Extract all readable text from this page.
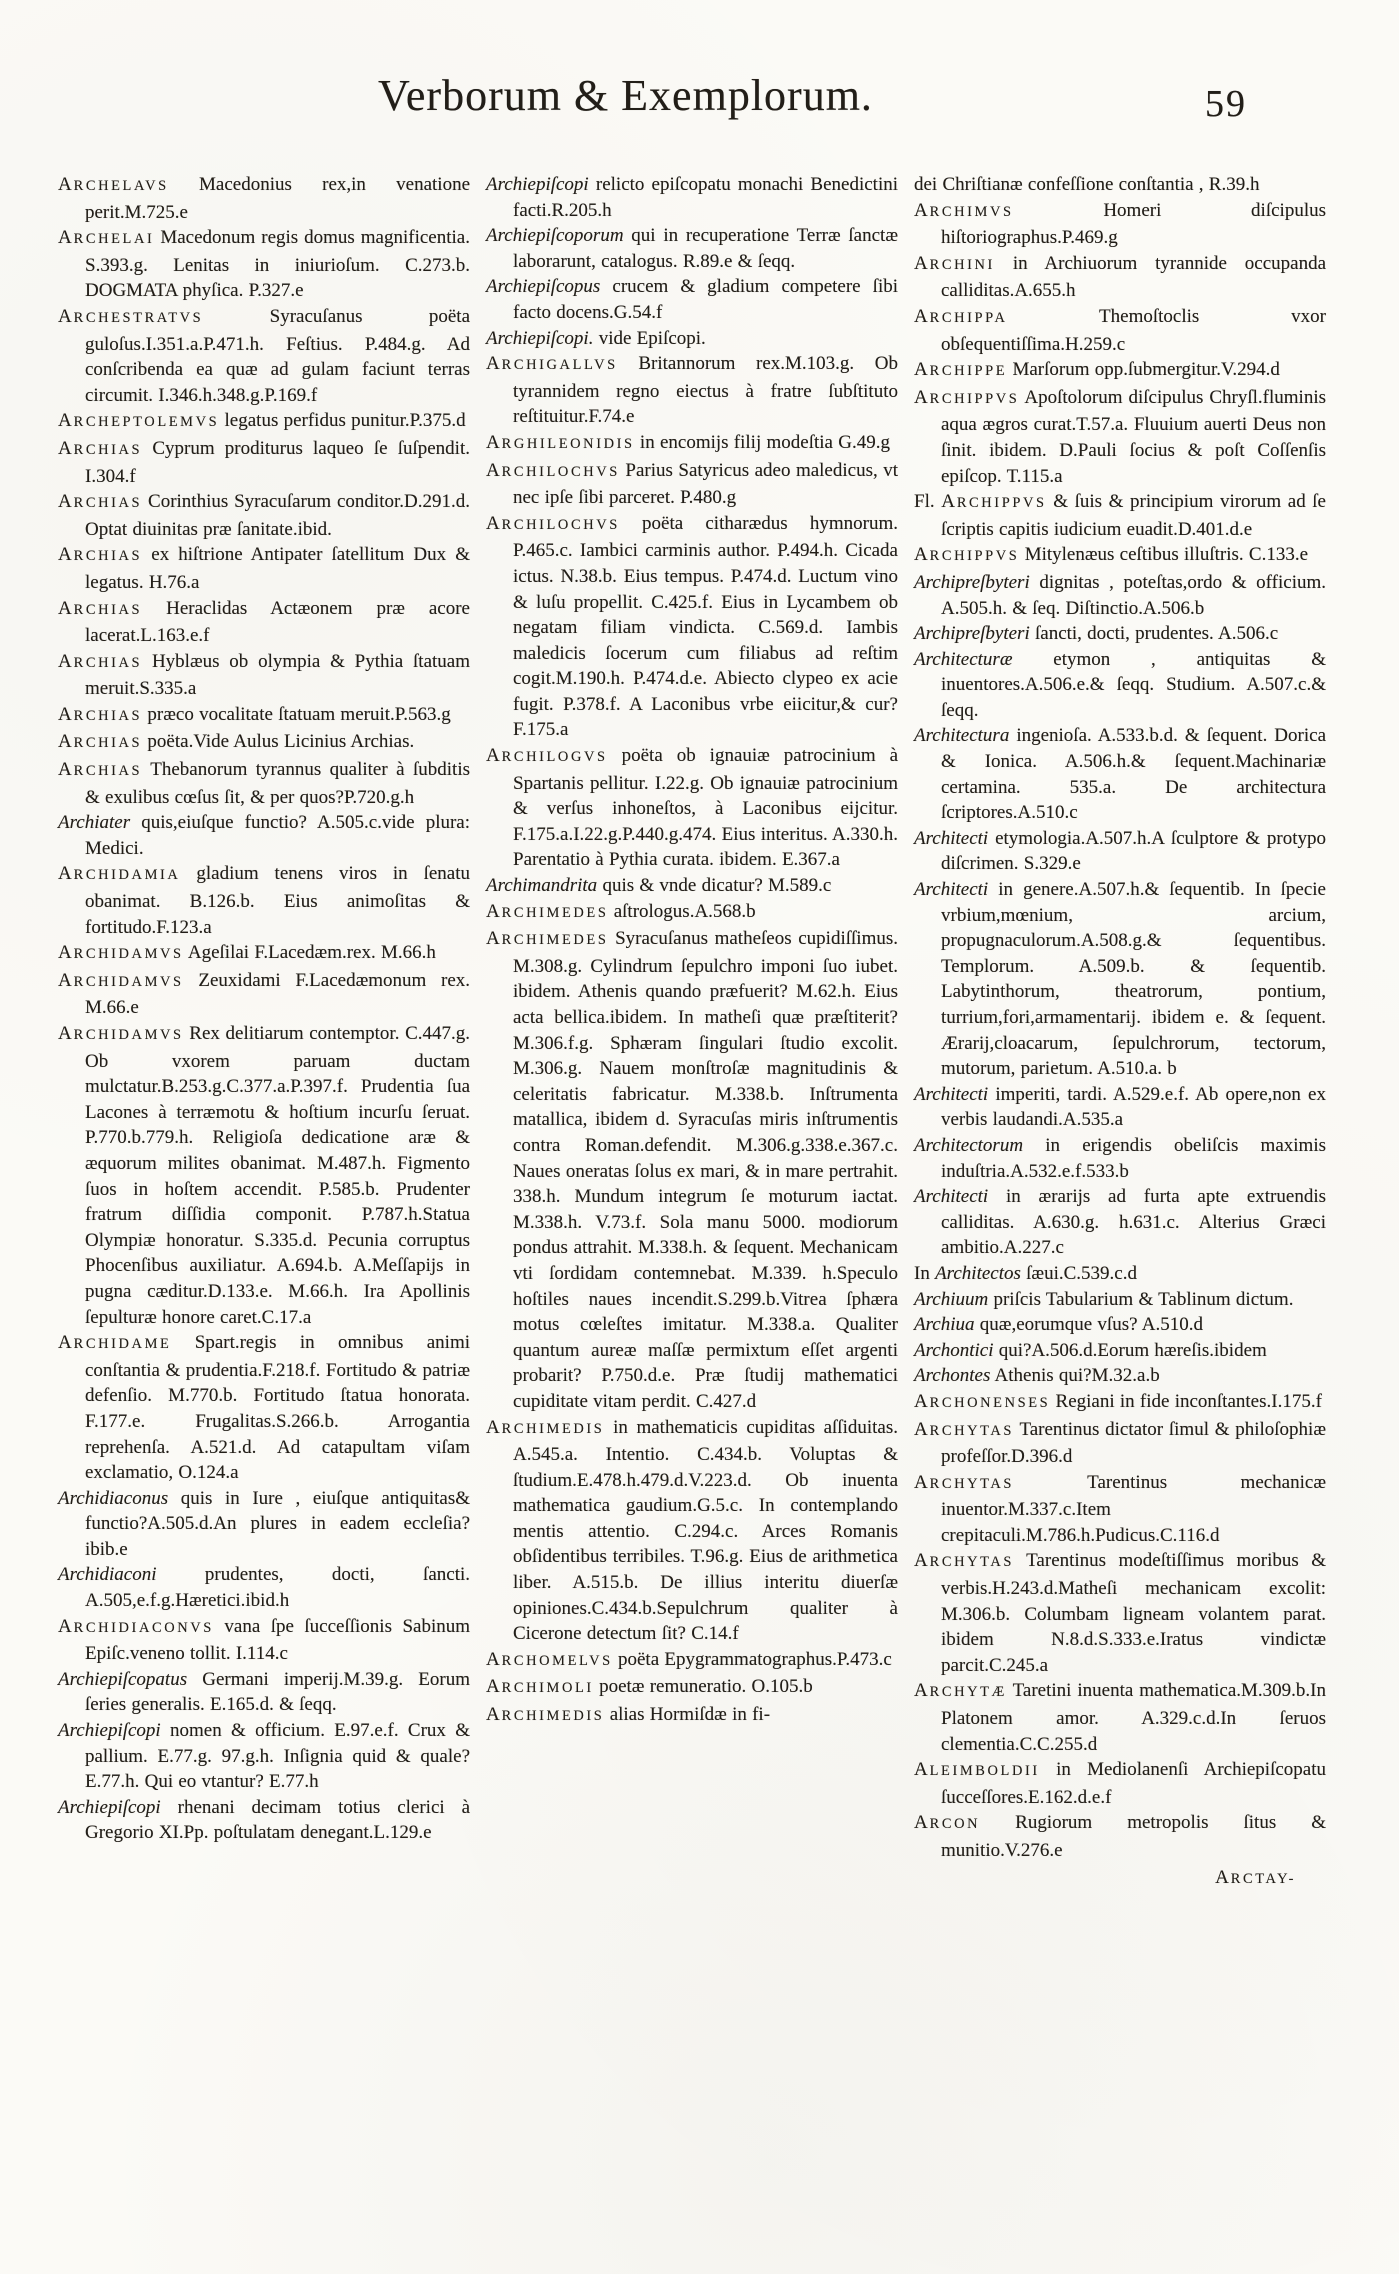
Verborum & Exemplorum.	59

ARCHELAVS Macedonius rex,in venatione perit.M.725.e

ARCHELAI Macedonum regis domus magnificentia. S.393.g. Lenitas in iniurioſum. C.273.b. DOGMATA phyſica. P.327.e

ARCHESTRATVS	Syracuſanus poëta guloſus.I.351.a.P.471.h. Feſtius. P.484.g. Ad conſcribenda ea quæ ad gulam faciunt terras circumit. I.346.h.348.g.P.169.f

ARCHEPTOLEMVS legatus perfidus punitur.P.375.d

ARCHIAS Cyprum proditurus laqueo ſe ſuſpendit. I.304.f

ARCHIAS Corinthius Syracuſarum conditor.D.291.d. Optat diuinitas præ ſanitate.ibid.

ARCHIAS ex hiſtrione Antipater ſatellitum Dux & legatus. H.76.a

ARCHIAS Heraclidas Actæonem præ acore lacerat.L.163.e.f

ARCHIAS Hyblæus ob olympia & Pythia ſtatuam meruit.S.335.a

ARCHIAS præco vocalitate ſtatuam meruit.P.563.g

ARCHIAS poëta.Vide Aulus Licinius Archias.

ARCHIAS Thebanorum tyrannus qualiter à ſubditis & exulibus cœſus ſit, & per quos?P.720.g.h

Archiater quis,eiuſque functio? A.505.c.vide plura: Medici.

ARCHIDAMIA gladium tenens viros in ſenatu obanimat. B.126.b. Eius animoſitas & fortitudo.F.123.a

ARCHIDAMVS Ageſilai F.Lacedæm.rex. M.66.h

ARCHIDAMVS Zeuxidami F.Lacedæmonum rex. M.66.e

ARCHIDAMVS Rex delitiarum contemptor. C.447.g. Ob vxorem paruam ductam mulctatur.B.253.g.C.377.a.P.397.f. Prudentia ſua Lacones à terræmotu & hoſtium incurſu ſeruat. P.770.b.779.h. Religioſa dedicatione aræ & æquorum milites obanimat. M.487.h. Figmento ſuos in hoſtem accendit. P.585.b. Prudenter fratrum diſſidia componit. P.787.h.Statua Olympiæ honoratur. S.335.d. Pecunia corruptus Phocenſibus auxiliatur. A.694.b. A.Meſſapijs in pugna cæditur.D.133.e. M.66.h. Ira Apollinis ſepulturæ honore caret.C.17.a

ARCHIDAME Spart.regis in omnibus animi conſtantia & prudentia.F.218.f. Fortitudo & patriæ defenſio. M.770.b. Fortitudo ſtatua honorata. F.177.e. Frugalitas.S.266.b. Arrogantia reprehenſa. A.521.d. Ad catapultam viſam exclamatio, O.124.a

Archidiaconus quis in Iure , eiuſque antiquitas& functio?A.505.d.An plures in eadem eccleſia?ibib.e

Archidiaconi	prudentes, docti, ſancti. A.505,e.f.g.Hæretici.ibid.h

ARCHIDIACONVS vana ſpe ſucceſſionis Sabinum Epiſc.veneno tollit. I.114.c

Archiepiſcopatus Germani imperij.M.39.g. Eorum ſeries generalis. E.165.d. & ſeqq.

Archiepiſcopi nomen & officium. E.97.e.f. Crux & pallium. E.77.g. 97.g.h. Inſignia quid & quale? E.77.h. Qui eo vtantur? E.77.h

Archiepiſcopi rhenani decimam totius clerici à Gregorio XI.Pp. poſtulatam denegant.L.129.e

Archiepiſcopi relicto epiſcopatu monachi Benedictini facti.R.205.h

Archiepiſcoporum qui in recuperatione Terræ ſanctæ laborarunt, catalogus. R.89.e & ſeqq.

Archiepiſcopus crucem & gladium competere ſibi facto docens.G.54.f

Archiepiſcopi. vide Epiſcopi.

ARCHIGALLVS Britannorum rex.M.103.g. Ob tyrannidem regno eiectus à fratre ſubſtituto reſtituitur.F.74.e

ARGHILEONIDIS in encomijs filij modeſtia G.49.g

ARCHILOCHVS Parius Satyricus adeo maledicus, vt nec ipſe ſibi parceret. P.480.g

ARCHILOCHVS poëta citharædus hymnorum. P.465.c. Iambici carminis author. P.494.h. Cicada ictus. N.38.b. Eius tempus. P.474.d. Luctum vino & luſu propellit. C.425.f. Eius in Lycambem ob negatam filiam vindicta. C.569.d. Iambis maledicis ſocerum cum filiabus ad reſtim cogit.M.190.h. P.474.d.e. Abiecto clypeo ex acie fugit. P.378.f. A Laconibus vrbe eiicitur,& cur? F.175.a

ARCHILOGVS poëta ob ignauiæ patrocinium à Spartanis pellitur. I.22.g. Ob ignauiæ patrocinium & verſus inhoneſtos, à Laconibus eijcitur. F.175.a.I.22.g.P.440.g.474. Eius interitus. A.330.h. Parentatio à Pythia curata. ibidem. E.367.a

Archimandrita quis & vnde dicatur? M.589.c

ARCHIMEDES aſtrologus.A.568.b

ARCHIMEDES Syracuſanus matheſeos cupidiſſimus. M.308.g. Cylindrum ſepulchro imponi ſuo iubet. ibidem. Athenis quando præfuerit? M.62.h. Eius acta bellica.ibidem. In matheſi quæ præſtiterit? M.306.f.g. Sphæram ſingulari ſtudio excolit. M.306.g. Nauem monſtroſæ magnitudinis & celeritatis fabricatur. M.338.b. Inſtrumenta matallica, ibidem d. Syracuſas miris inſtrumentis contra Roman.defendit. M.306.g.338.e.367.c. Naues oneratas ſolus ex mari, & in mare pertrahit. 338.h. Mundum integrum ſe moturum iactat. M.338.h. V.73.f. Sola manu 5000. modiorum pondus attrahit. M.338.h. & ſequent. Mechanicam vti ſordidam contemnebat. M.339. h.Speculo hoſtiles naues incendit.S.299.b.Vitrea ſphæra motus cœleſtes imitatur. M.338.a. Qualiter quantum aureæ maſſæ permixtum eſſet argenti probarit? P.750.d.e. Præ ſtudij mathematici cupiditate vitam perdit. C.427.d

ARCHIMEDIS in mathematicis cupiditas aſſiduitas. A.545.a. Intentio. C.434.b. Voluptas & ſtudium.E.478.h.479.d.V.223.d. Ob inuenta mathematica gaudium.G.5.c. In contemplando mentis attentio. C.294.c. Arces Romanis obſidentibus terribiles. T.96.g. Eius de arithmetica liber. A.515.b. De illius interitu diuerſæ opiniones.C.434.b.Sepulchrum qualiter à Cicerone detectum ſit? C.14.f

ARCHOMELVS poëta Epygrammatographus.P.473.c

ARCHIMOLI poetæ remuneratio. O.105.b

ARCHIMEDIS alias Hormiſdæ in fi-

dei Chriſtianæ confeſſione conſtantia , R.39.h

ARCHIMVS	Homeri diſcipulus hiſtoriographus.P.469.g

ARCHINI in Archiuorum tyrannide occupanda calliditas.A.655.h

ARCHIPPA	Themoſtoclis vxor obſequentiſſima.H.259.c

ARCHIPPE Marſorum opp.ſubmergitur.V.294.d

ARCHIPPVS Apoſtolorum diſcipulus Chryſl.fluminis aqua ægros curat.T.57.a. Fluuium auerti Deus non ſinit. ibidem. D.Pauli ſocius & poſt Coſſenſis epiſcop. T.115.a

Fl. ARCHIPPVS & ſuis & principium virorum ad ſe ſcriptis capitis iudicium euadit.D.401.d.e

ARCHIPPVS Mitylenæus ceſtibus illuſtris. C.133.e

Archipreſbyteri dignitas , poteſtas,ordo & officium. A.505.h. & ſeq. Diſtinctio.A.506.b

Archipreſbyteri ſancti, docti, prudentes. A.506.c

Architecturæ etymon , antiquitas & inuentores.A.506.e.& ſeqq. Studium. A.507.c.& ſeqq.

Architectura ingenioſa. A.533.b.d. & ſequent. Dorica & Ionica. A.506.h.& ſequent.Machinariæ certamina. 535.a. De architectura ſcriptores.A.510.c

Architecti etymologia.A.507.h.A ſculptore & protypo diſcrimen. S.329.e

Architecti in genere.A.507.h.& ſequentib. In ſpecie vrbium,mœnium, arcium, propugnaculorum.A.508.g.& ſequentibus. Templorum. A.509.b. & ſequentib. Labytinthorum, theatrorum, pontium, turrium,fori,armamentarij. ibidem e. & ſequent. Ærarij,cloacarum, ſepulchrorum, tectorum, mutorum, parietum. A.510.a. b

Architecti imperiti, tardi. A.529.e.f. Ab opere,non ex verbis laudandi.A.535.a

Architectorum in erigendis obeliſcis maximis induſtria.A.532.e.f.533.b

Architecti in ærarijs ad furta apte extruendis calliditas. A.630.g. h.631.c. Alterius Græci ambitio.A.227.c

In Architectos ſæui.C.539.c.d

Archiuum priſcis Tabularium & Tablinum dictum.

Archiua quæ,eorumque vſus? A.510.d

Archontici qui?A.506.d.Eorum hæreſis.ibidem

Archontes Athenis qui?M.32.a.b

ARCHONENSES Regiani in fide inconſtantes.I.175.f

ARCHYTAS Tarentinus dictator ſimul & philoſophiæ profeſſor.D.396.d

ARCHYTAS	Tarentinus mechanicæ inuentor.M.337.c.Item crepitaculi.M.786.h.Pudicus.C.116.d

ARCHYTAS Tarentinus modeſtiſſimus moribus & verbis.H.243.d.Matheſi mechanicam excolit: M.306.b. Columbam ligneam volantem parat. ibidem N.8.d.S.333.e.Iratus vindictæ parcit.C.245.a

ARCHYTÆ Taretini inuenta mathematica.M.309.b.In Platonem amor. A.329.c.d.In ſeruos clementia.C.C.255.d

ALEIMBOLDII in Mediolanenſi Archiepiſcopatu ſucceſſores.E.162.d.e.f

ARCON Rugiorum metropolis ſitus & munitio.V.276.e

ARCTAY-
